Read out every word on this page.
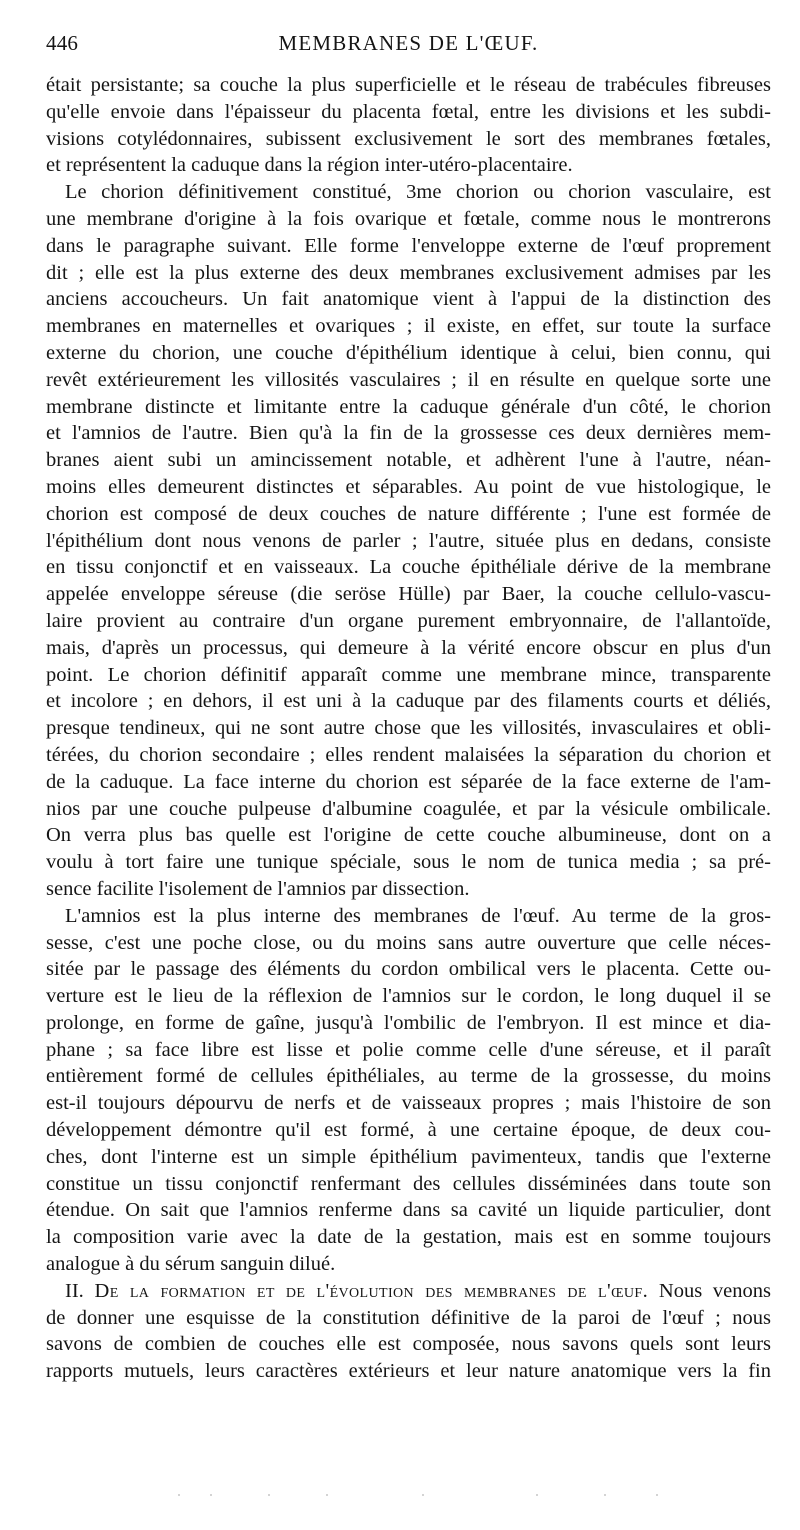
446	MEMBRANES DE L'ŒUF.
était persistante; sa couche la plus superficielle et le réseau de trabécules fibreuses
qu'elle envoie dans l'épaisseur du placenta fœtal, entre les divisions et les subdi-
visions cotylédonnaires, subissent exclusivement le sort des membranes fœtales,
et représentent la caduque dans la région inter-utéro-placentaire.
Le chorion définitivement constitué, 3me chorion ou chorion vasculaire, est
une membrane d'origine à la fois ovarique et fœtale, comme nous le montrerons
dans le paragraphe suivant. Elle forme l'enveloppe externe de l'œuf proprement
dit ; elle est la plus externe des deux membranes exclusivement admises par les
anciens accoucheurs. Un fait anatomique vient à l'appui de la distinction des
membranes en maternelles et ovariques ; il existe, en effet, sur toute la surface
externe du chorion, une couche d'épithélium identique à celui, bien connu, qui
revêt extérieurement les villosités vasculaires ; il en résulte en quelque sorte une
membrane distincte et limitante entre la caduque générale d'un côté, le chorion
et l'amnios de l'autre. Bien qu'à la fin de la grossesse ces deux dernières mem-
branes aient subi un amincissement notable, et adhèrent l'une à l'autre, néan-
moins elles demeurent distinctes et séparables. Au point de vue histologique, le
chorion est composé de deux couches de nature différente ; l'une est formée de
l'épithélium dont nous venons de parler ; l'autre, située plus en dedans, consiste
en tissu conjonctif et en vaisseaux. La couche épithéliale dérive de la membrane
appelée enveloppe séreuse (die seröse Hülle) par Baer, la couche cellulo-vascu-
laire provient au contraire d'un organe purement embryonnaire, de l'allantoïde,
mais, d'après un processus, qui demeure à la vérité encore obscur en plus d'un
point. Le chorion définitif apparaît comme une membrane mince, transparente
et incolore ; en dehors, il est uni à la caduque par des filaments courts et déliés,
presque tendineux, qui ne sont autre chose que les villosités, invasculaires et obli-
térées, du chorion secondaire ; elles rendent malaisées la séparation du chorion et
de la caduque. La face interne du chorion est séparée de la face externe de l'am-
nios par une couche pulpeuse d'albumine coagulée, et par la vésicule ombilicale.
On verra plus bas quelle est l'origine de cette couche albumineuse, dont on a
voulu à tort faire une tunique spéciale, sous le nom de tunica media ; sa pré-
sence facilite l'isolement de l'amnios par dissection.
L'amnios est la plus interne des membranes de l'œuf. Au terme de la gros-
sesse, c'est une poche close, ou du moins sans autre ouverture que celle néces-
sitée par le passage des éléments du cordon ombilical vers le placenta. Cette ou-
verture est le lieu de la réflexion de l'amnios sur le cordon, le long duquel il se
prolonge, en forme de gaîne, jusqu'à l'ombilic de l'embryon. Il est mince et dia-
phane ; sa face libre est lisse et polie comme celle d'une séreuse, et il paraît
entièrement formé de cellules épithéliales, au terme de la grossesse, du moins
est-il toujours dépourvu de nerfs et de vaisseaux propres ; mais l'histoire de son
développement démontre qu'il est formé, à une certaine époque, de deux cou-
ches, dont l'interne est un simple épithélium pavimenteux, tandis que l'externe
constitue un tissu conjonctif renfermant des cellules disséminées dans toute son
étendue. On sait que l'amnios renferme dans sa cavité un liquide particulier, dont
la composition varie avec la date de la gestation, mais est en somme toujours
analogue à du sérum sanguin dilué.
II. De la formation et de l'évolution des membranes de l'œuf. Nous venons
de donner une esquisse de la constitution définitive de la paroi de l'œuf ; nous
savons de combien de couches elle est composée, nous savons quels sont leurs
rapports mutuels, leurs caractères extérieurs et leur nature anatomique vers la fin
